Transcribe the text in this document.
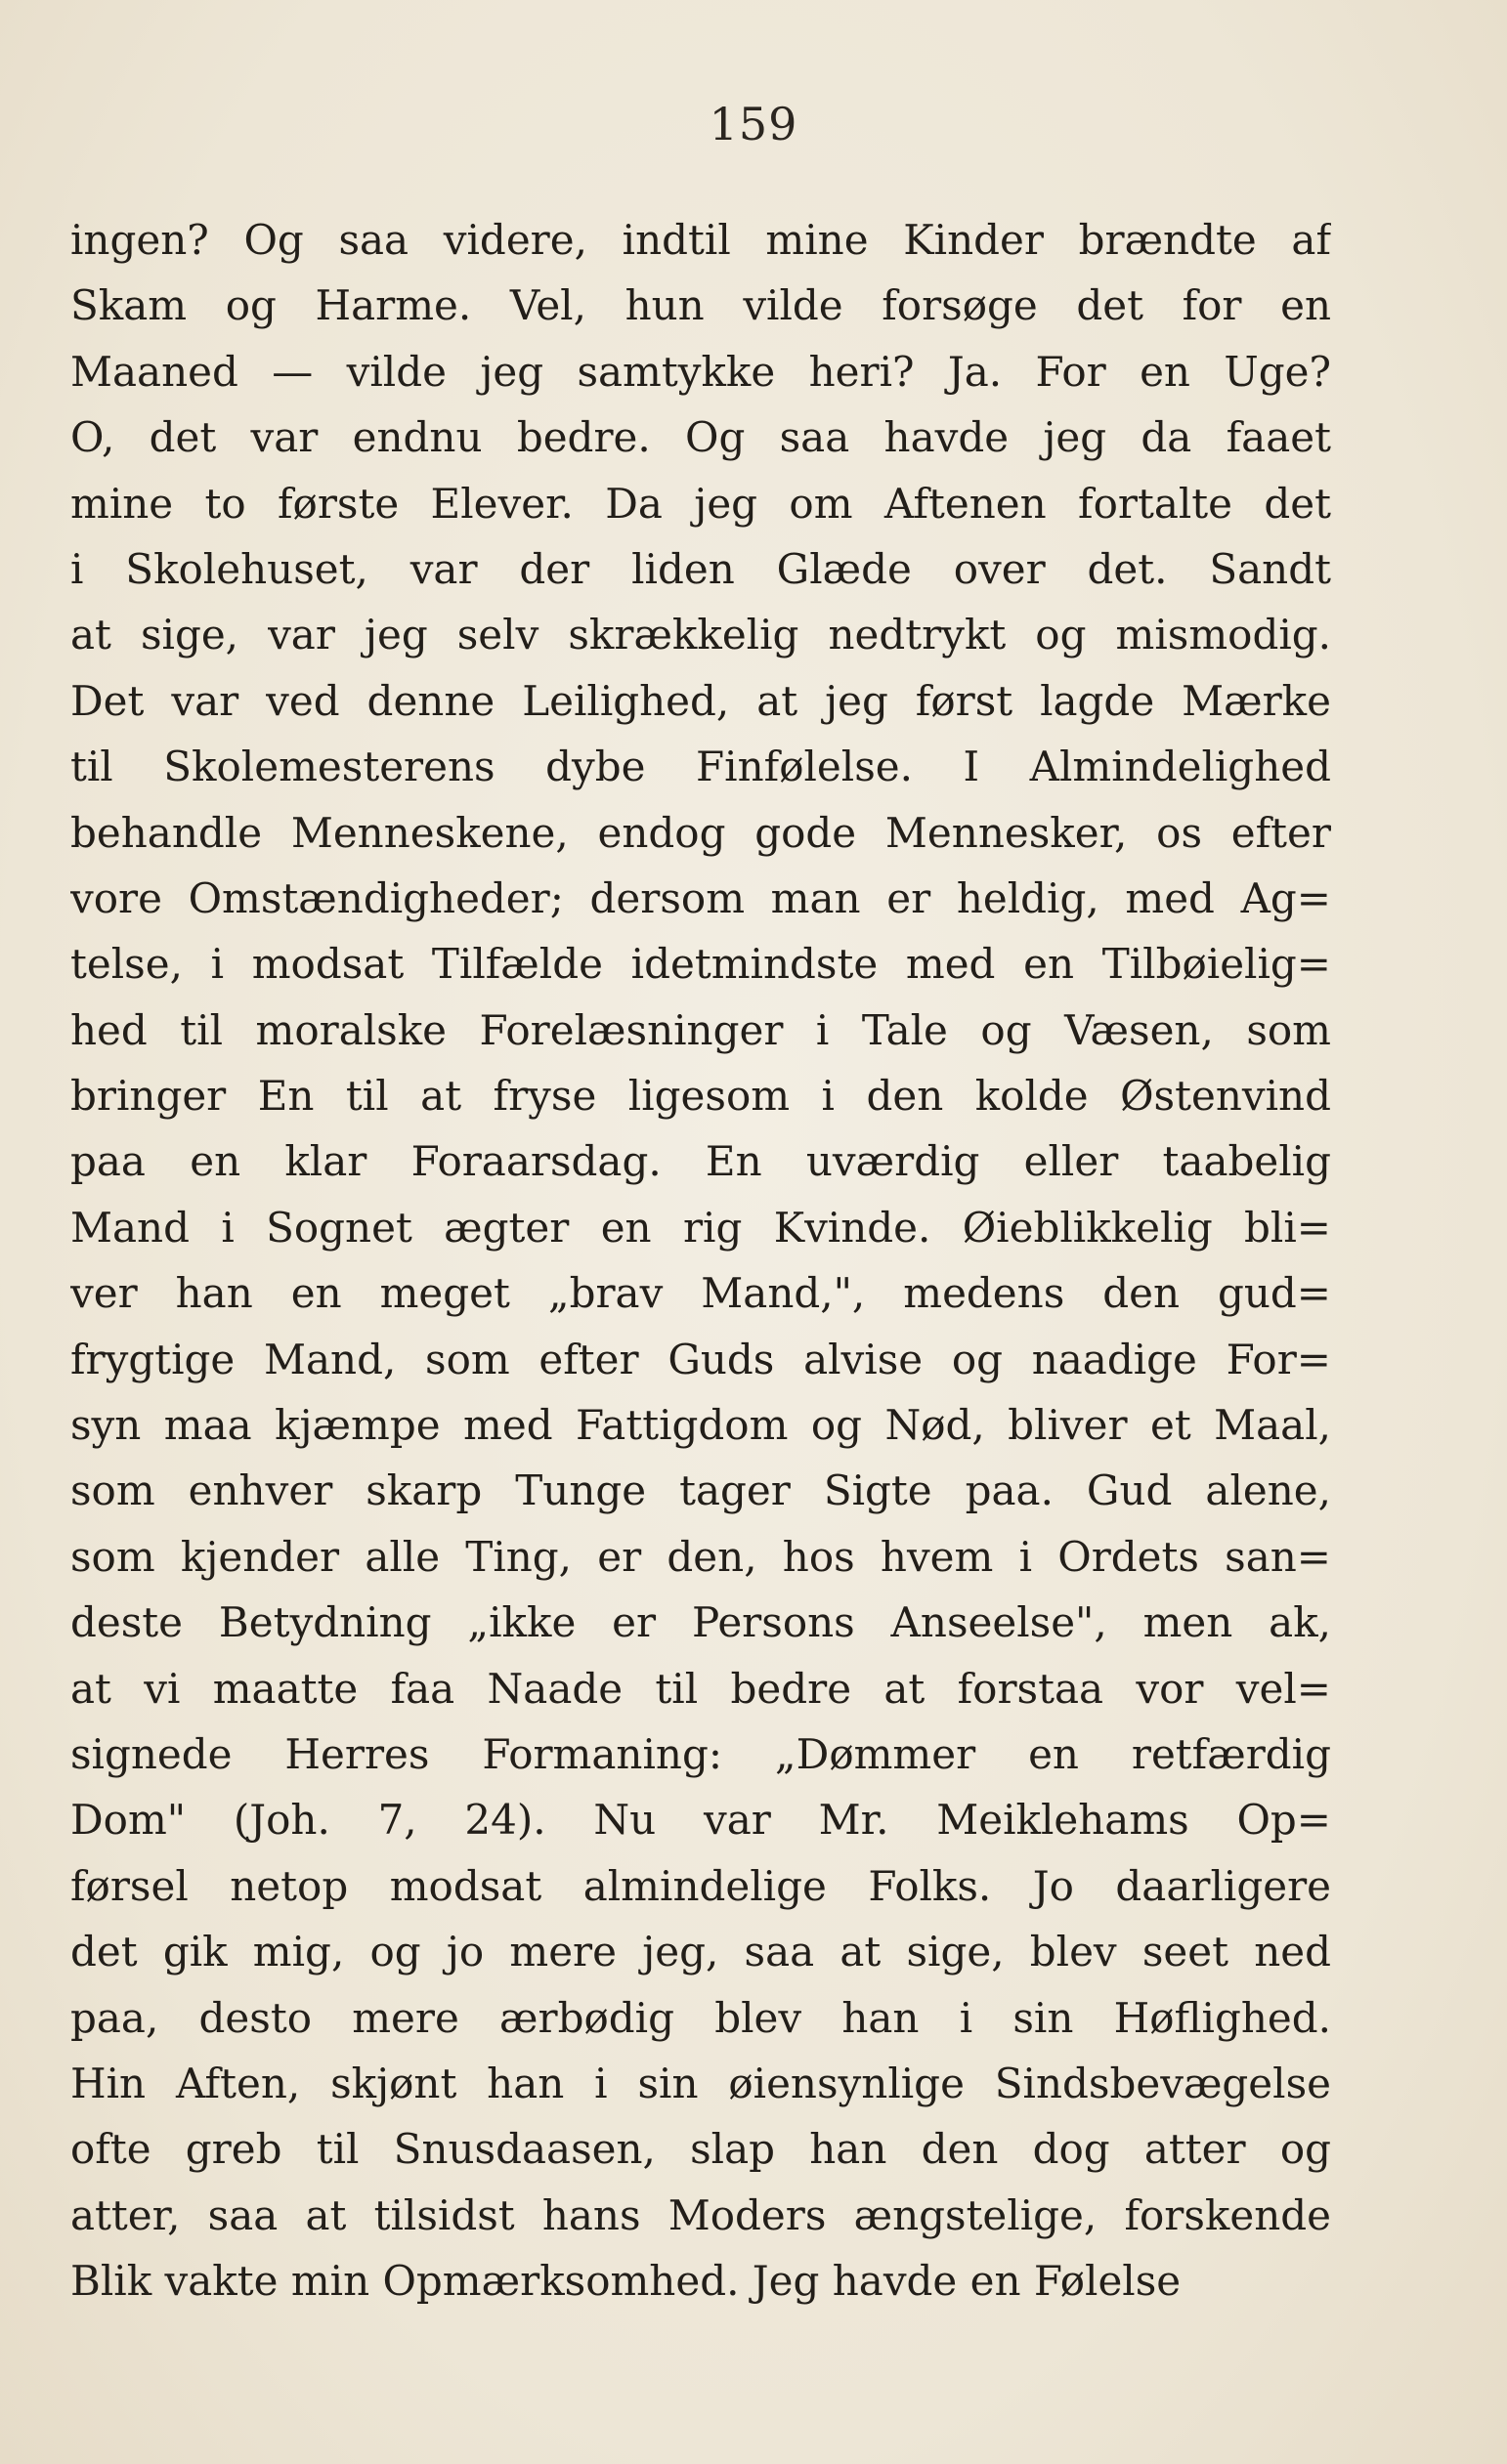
159
ingen? Og saa videre, indtil mine Kinder brændte af
Skam og Harme. Vel, hun vilde forsøge det for en
Maaned — vilde jeg samtykke heri? Ja. For en Uge?
O, det var endnu bedre. Og saa havde jeg da faaet
mine to første Elever. Da jeg om Aftenen fortalte det
i Skolehuset, var der liden Glæde over det. Sandt
at sige, var jeg selv skrækkelig nedtrykt og mismodig.
Det var ved denne Leilighed, at jeg først lagde Mærke
til Skolemesterens dybe Finfølelse. I Almindelighed
behandle Menneskene, endog gode Mennesker, os efter
vore Omstændigheder; dersom man er heldig, med Ag=
telse, i modsat Tilfælde idetmindste med en Tilbøielig=
hed til moralske Forelæsninger i Tale og Væsen, som
bringer En til at fryse ligesom i den kolde Østenvind
paa en klar Foraarsdag. En uværdig eller taabelig
Mand i Sognet ægter en rig Kvinde. Øieblikkelig bli=
ver han en meget „brav Mand,", medens den gud=
frygtige Mand, som efter Guds alvise og naadige For=
syn maa kjæmpe med Fattigdom og Nød, bliver et Maal,
som enhver skarp Tunge tager Sigte paa. Gud alene,
som kjender alle Ting, er den, hos hvem i Ordets san=
deste Betydning „ikke er Persons Anseelse", men ak,
at vi maatte faa Naade til bedre at forstaa vor vel=
signede Herres Formaning: „Dømmer en retfærdig
Dom" (Joh. 7, 24). Nu var Mr. Meiklehams Op=
førsel netop modsat almindelige Folks. Jo daarligere
det gik mig, og jo mere jeg, saa at sige, blev seet ned
paa, desto mere ærbødig blev han i sin Høflighed.
Hin Aften, skjønt han i sin øiensynlige Sindsbevægelse
ofte greb til Snusdaasen, slap han den dog atter og
atter, saa at tilsidst hans Moders ængstelige, forskende
Blik vakte min Opmærksomhed. Jeg havde en Følelse
